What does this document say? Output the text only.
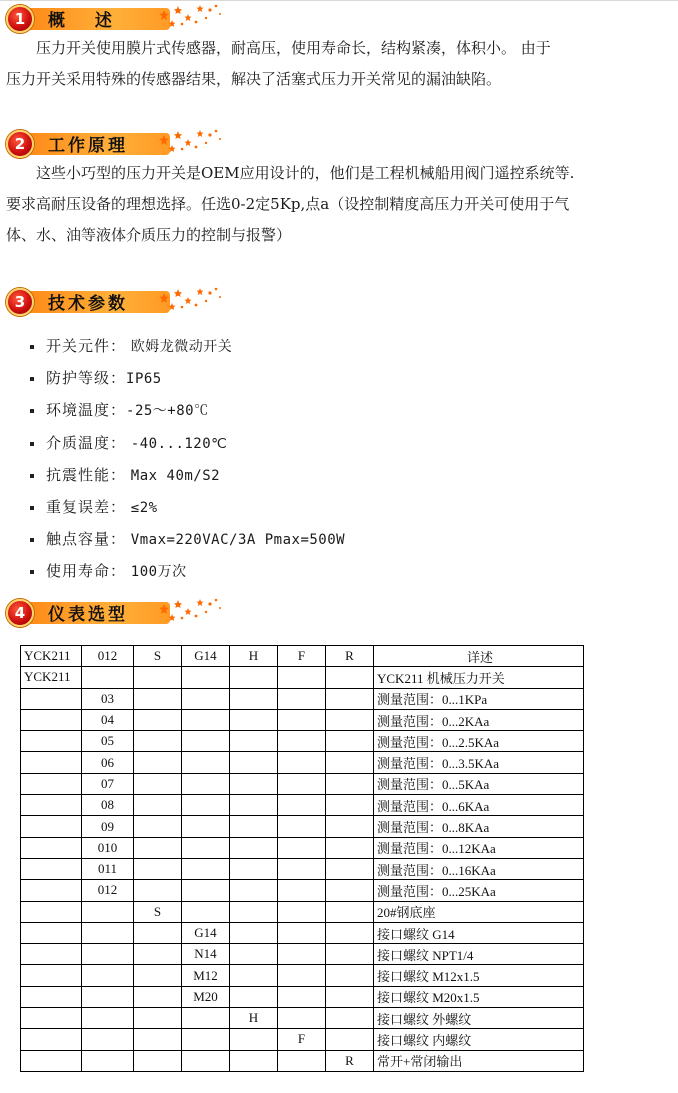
1	概  述
压力开关使用膜片式传感器，耐高压，使用寿命长，结构紧凑，体积小。 由于
压力开关采用特殊的传感器结果，解决了活塞式压力开关常见的漏油缺陷。
2	工作原理
这些小巧型的压力开关是OEM应用设计的，他们是工程机械船用阀门遥控系统等.
要求高耐压设备的理想选择。任选0-2定5Kp,点a（设控制精度高压力开关可使用于气
体、水、油等液体介质压力的控制与报警）
3	技术参数
开关元件： 欧姆龙微动开关
防护等级：IP65
环境温度：-25～+80℃
介质温度： -40...120℃
抗震性能： Max 40m/S2
重复误差： ≤2%
触点容量： Vmax=220VAC/3A Pmax=500W
使用寿命： 100万次
4	仪表选型
YCK211	012	S	G14	H	F	R	详述
YCK211							YCK211 机械压力开关
	03						测量范围：0...1KPa
	04						测量范围：0...2KAa
	05						测量范围：0...2.5KAa
	06						测量范围：0...3.5KAa
	07						测量范围：0...5KAa
	08						测量范围：0...6KAa
	09						测量范围：0...8KAa
	010						测量范围：0...12KAa
	011						测量范围：0...16KAa
	012						测量范围：0...25KAa
		S					20#钢底座
			G14				接口螺纹 G14
			N14				接口螺纹 NPT1/4
			M12				接口螺纹 M12x1.5
			M20				接口螺纹 M20x1.5
				H			接口螺纹 外螺纹
					F		接口螺纹 内螺纹
						R	常开+常闭输出
